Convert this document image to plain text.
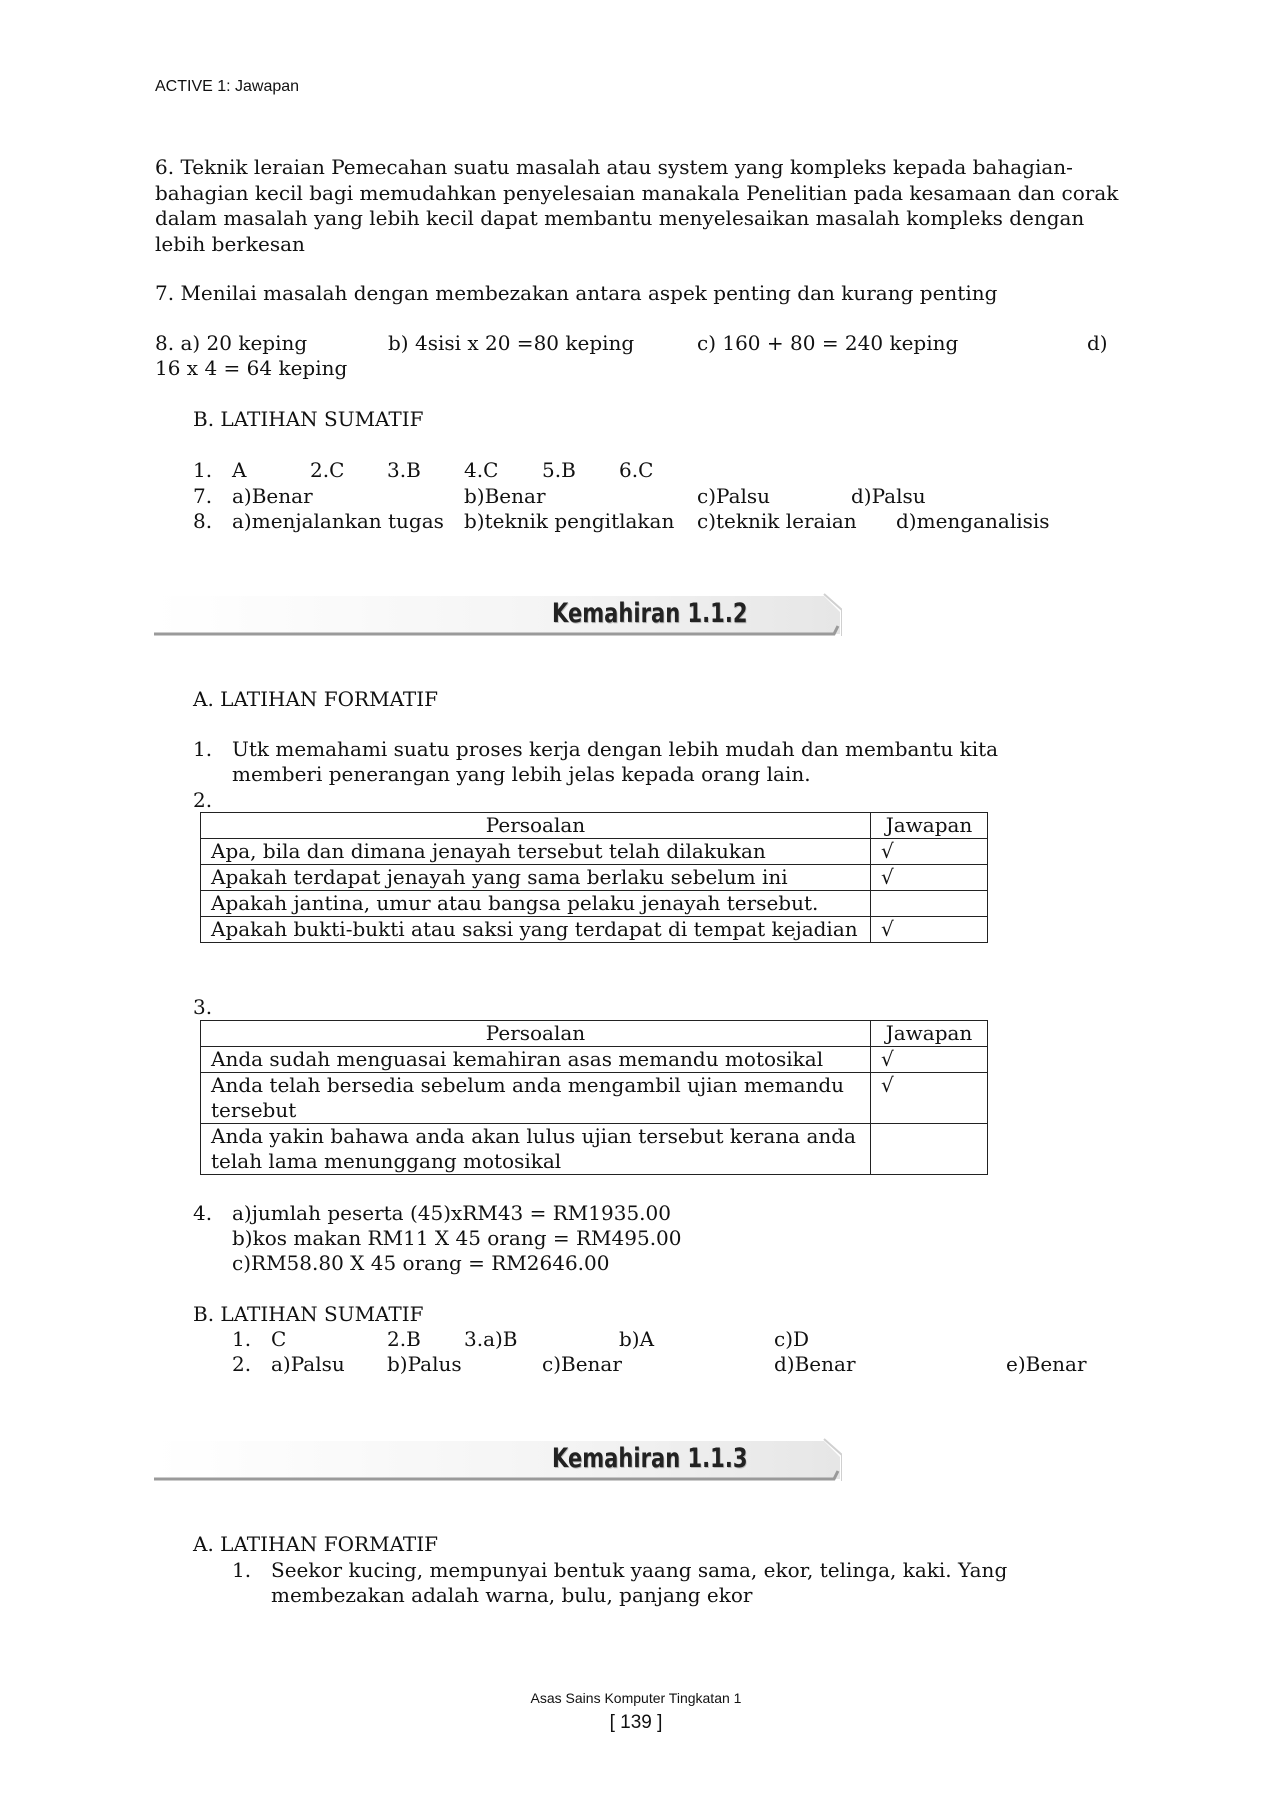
ACTIVE 1: Jawapan
6. Teknik leraian Pemecahan suatu masalah atau system yang kompleks kepada bahagian-bahagian kecil bagi memudahkan penyelesaian manakala Penelitian pada kesamaan dan corak dalam masalah yang lebih kecil dapat membantu menyelesaikan masalah kompleks dengan lebih berkesan
7. Menilai masalah dengan membezakan antara aspek penting dan kurang penting
8. a) 20 keping	b) 4sisi x 20 =80 keping	c) 160 + 80 = 240 keping	d)
16 x 4 = 64 keping
B. LATIHAN SUMATIF
1. A	2.C 3.B 4.C 5.B 6.C
7. a)Benar	b)Benar	c)Palsu	d)Palsu
8. a)menjalankan tugas b)teknik pengitlakan c)teknik leraian d)menganalisis
Kemahiran 1.1.2
A. LATIHAN FORMATIF
1. Utk memahami suatu proses kerja dengan lebih mudah dan membantu kita
memberi penerangan yang lebih jelas kepada orang lain.
2.
Persoalan	Jawapan
Apa, bila dan dimana jenayah tersebut telah dilakukan	√
Apakah terdapat jenayah yang sama berlaku sebelum ini	√
Apakah jantina, umur atau bangsa pelaku jenayah tersebut.	
Apakah bukti-bukti atau saksi yang terdapat di tempat kejadian	√
3.
Persoalan	Jawapan
Anda sudah menguasai kemahiran asas memandu motosikal	√
Anda telah bersedia sebelum anda mengambil ujian memandu tersebut	√
Anda yakin bahawa anda akan lulus ujian tersebut kerana anda telah lama menunggang motosikal	
4. a)jumlah peserta (45)xRM43 = RM1935.00
b)kos makan RM11 X 45 orang = RM495.00
c)RM58.80 X 45 orang = RM2646.00
B. LATIHAN SUMATIF
1. C	2.B 3.a)B	b)A	c)D
2. a)Palsu b)Palus	c)Benar	d)Benar	e)Benar
Kemahiran 1.1.3
A. LATIHAN FORMATIF
1. Seekor kucing, mempunyai bentuk yaang sama, ekor, telinga, kaki. Yang
membezakan adalah warna, bulu, panjang ekor
Asas Sains Komputer Tingkatan 1
[ 139 ]
